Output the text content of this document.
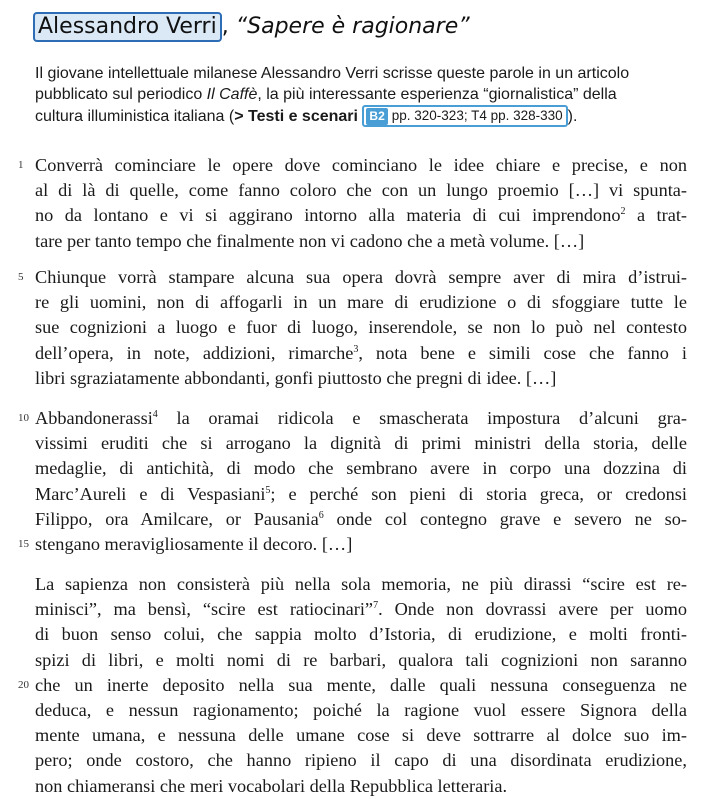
Alessandro Verri , “Sapere è ragionare”
Il giovane intellettuale milanese Alessandro Verri scrisse queste parole in un articolo
pubblicato sul periodico Il Caffè, la più interessante esperienza “giornalistica” della
cultura illuministica italiana (> Testi e scenari B2 pp. 320-323; T4 pp. 328-330 ).
1 Converrà cominciare le opere dove cominciano le idee chiare e precise, e non
al di là di quelle, come fanno coloro che con un lungo proemio […] vi spunta-
no da lontano e vi si aggirano intorno alla materia di cui imprendono$^2$ a trat-
tare per tanto tempo che finalmente non vi cadono che a metà volume. […]
5 Chiunque vorrà stampare alcuna sua opera dovrà sempre aver di mira d’istrui-
re gli uomini, non di affogarli in un mare di erudizione o di sfoggiare tutte le
sue cognizioni a luogo e fuor di luogo, inserendole, se non lo può nel contesto
dell’opera, in note, addizioni, rimarche$^3$, nota bene e simili cose che fanno i
libri sgraziatamente abbondanti, gonfi piuttosto che pregni di idee. […]
10 Abbandonerassi$^4$ la oramai ridicola e smascherata impostura d’alcuni gra-
vissimi eruditi che si arrogano la dignità di primi ministri della storia, delle
medaglie, di antichità, di modo che sembrano avere in corpo una dozzina di
Marc’Aureli e di Vespasiani$^5$; e perché son pieni di storia greca, or credonsi
Filippo, ora Amilcare, or Pausania$^6$ onde col contegno grave e severo ne so-
15 stengano meravigliosamente il decoro. […]
La sapienza non consisterà più nella sola memoria, ne più dirassi “scire est re-
minisci”, ma bensì, “scire est ratiocinari”$^7$. Onde non dovrassi avere per uomo
di buon senso colui, che sappia molto d’Istoria, di erudizione, e molti fronti-
spizi di libri, e molti nomi di re barbari, qualora tali cognizioni non saranno
20 che un inerte deposito nella sua mente, dalle quali nessuna conseguenza ne
deduca, e nessun ragionamento; poiché la ragione vuol essere Signora della
mente umana, e nessuna delle umane cose si deve sottrarre al dolce suo im-
pero; onde costoro, che hanno ripieno il capo di una disordinata erudizione,
non chiameransi che meri vocabolari della Repubblica letteraria.
